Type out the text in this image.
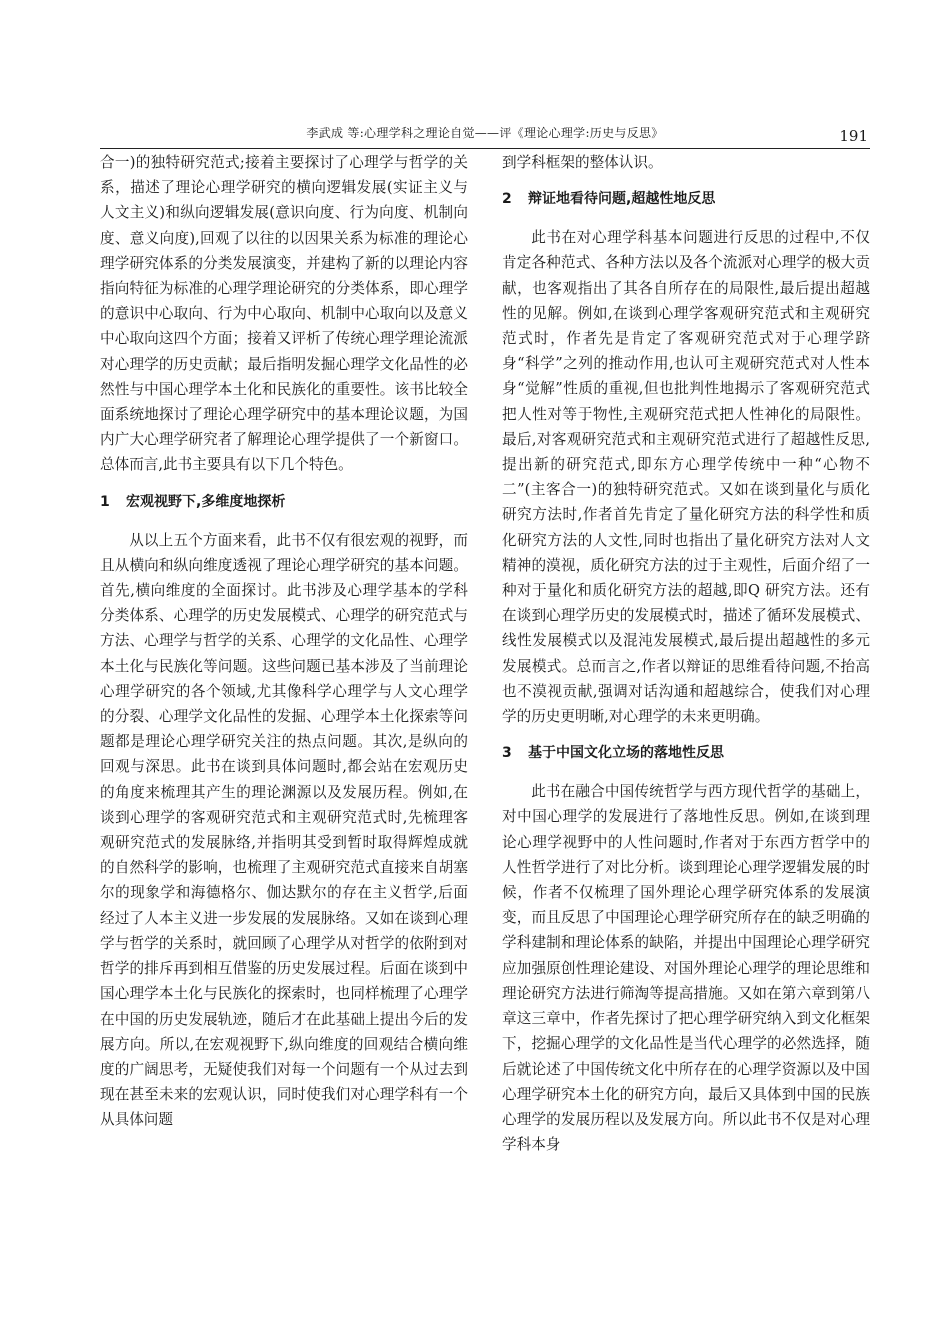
李武成 等:心理学科之理论自觉——评《理论心理学:历史与反思》	191

合一)的独特研究范式;接着主要探讨了心理学与哲学的关系，描述了理论心理学研究的横向逻辑发展(实证主义与人文主义)和纵向逻辑发展(意识向度、行为向度、机制向度、意义向度),回观了以往的以因果关系为标准的理论心理学研究体系的分类发展演变，并建构了新的以理论内容指向特征为标准的心理学理论研究的分类体系，即心理学的意识中心取向、行为中心取向、机制中心取向以及意义中心取向这四个方面；接着又评析了传统心理学理论流派对心理学的历史贡献；最后指明发掘心理学文化品性的必然性与中国心理学本土化和民族化的重要性。该书比较全面系统地探讨了理论心理学研究中的基本理论议题，为国内广大心理学研究者了解理论心理学提供了一个新窗口。总体而言,此书主要具有以下几个特色。

1 宏观视野下,多维度地探析

从以上五个方面来看，此书不仅有很宏观的视野，而且从横向和纵向维度透视了理论心理学研究的基本问题。首先,横向维度的全面探讨。此书涉及心理学基本的学科分类体系、心理学的历史发展模式、心理学的研究范式与方法、心理学与哲学的关系、心理学的文化品性、心理学本土化与民族化等问题。这些问题已基本涉及了当前理论心理学研究的各个领域,尤其像科学心理学与人文心理学的分裂、心理学文化品性的发掘、心理学本土化探索等问题都是理论心理学研究关注的热点问题。其次,是纵向的回观与深思。此书在谈到具体问题时,都会站在宏观历史的角度来梳理其产生的理论渊源以及发展历程。例如,在谈到心理学的客观研究范式和主观研究范式时,先梳理客观研究范式的发展脉络,并指明其受到暂时取得辉煌成就的自然科学的影响，也梳理了主观研究范式直接来自胡塞尔的现象学和海德格尔、伽达默尔的存在主义哲学,后面经过了人本主义进一步发展的发展脉络。又如在谈到心理学与哲学的关系时，就回顾了心理学从对哲学的依附到对哲学的排斥再到相互借鉴的历史发展过程。后面在谈到中国心理学本土化与民族化的探索时，也同样梳理了心理学在中国的历史发展轨迹，随后才在此基础上提出今后的发展方向。所以,在宏观视野下,纵向维度的回观结合横向维度的广阔思考，无疑使我们对每一个问题有一个从过去到现在甚至未来的宏观认识，同时使我们对心理学科有一个从具体问题

到学科框架的整体认识。

2 辩证地看待问题,超越性地反思

此书在对心理学科基本问题进行反思的过程中,不仅肯定各种范式、各种方法以及各个流派对心理学的极大贡献，也客观指出了其各自所存在的局限性,最后提出超越性的见解。例如,在谈到心理学客观研究范式和主观研究范式时，作者先是肯定了客观研究范式对于心理学跻身“科学”之列的推动作用,也认可主观研究范式对人性本身“觉解”性质的重视,但也批判性地揭示了客观研究范式把人性对等于物性,主观研究范式把人性神化的局限性。最后,对客观研究范式和主观研究范式进行了超越性反思,提出新的研究范式,即东方心理学传统中一种“心物不二”(主客合一)的独特研究范式。又如在谈到量化与质化研究方法时,作者首先肯定了量化研究方法的科学性和质化研究方法的人文性,同时也指出了量化研究方法对人文精神的漠视，质化研究方法的过于主观性，后面介绍了一种对于量化和质化研究方法的超越,即Q 研究方法。还有在谈到心理学历史的发展模式时，描述了循环发展模式、线性发展模式以及混沌发展模式,最后提出超越性的多元发展模式。总而言之,作者以辩证的思维看待问题,不抬高也不漠视贡献,强调对话沟通和超越综合，使我们对心理学的历史更明晰,对心理学的未来更明确。

3 基于中国文化立场的落地性反思

此书在融合中国传统哲学与西方现代哲学的基础上，对中国心理学的发展进行了落地性反思。例如,在谈到理论心理学视野中的人性问题时,作者对于东西方哲学中的人性哲学进行了对比分析。谈到理论心理学逻辑发展的时候，作者不仅梳理了国外理论心理学研究体系的发展演变，而且反思了中国理论心理学研究所存在的缺乏明确的学科建制和理论体系的缺陷，并提出中国理论心理学研究应加强原创性理论建设、对国外理论心理学的理论思维和理论研究方法进行筛淘等提高措施。又如在第六章到第八章这三章中，作者先探讨了把心理学研究纳入到文化框架下，挖掘心理学的文化品性是当代心理学的必然选择，随后就论述了中国传统文化中所存在的心理学资源以及中国心理学研究本土化的研究方向，最后又具体到中国的民族心理学的发展历程以及发展方向。所以此书不仅是对心理学科本身
